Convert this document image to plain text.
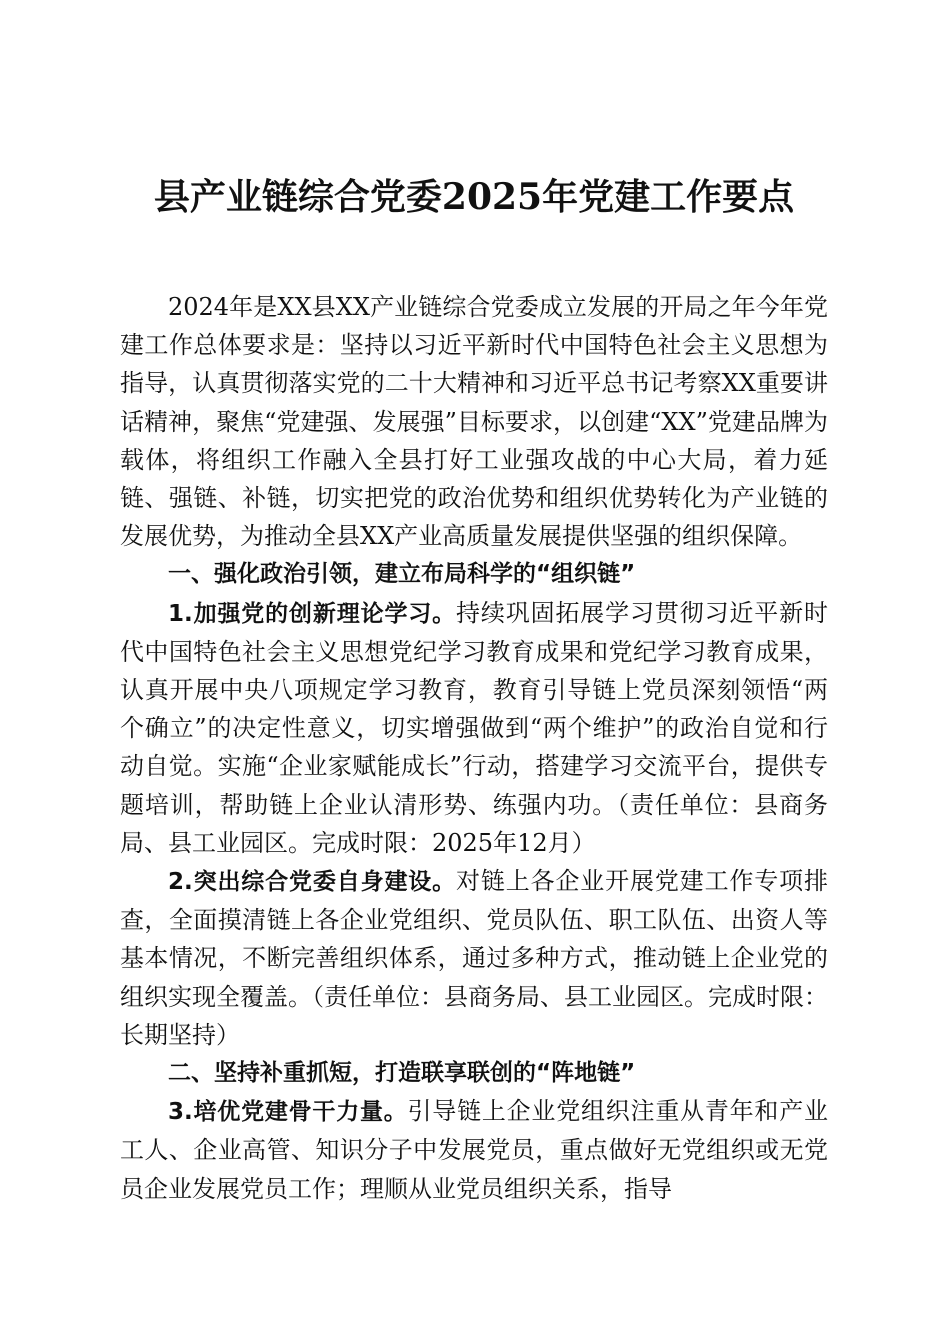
县产业链综合党委2025年党建工作要点

2024年是XX县XX产业链综合党委成立发展的开局之年今年党建工作总体要求是：坚持以习近平新时代中国特色社会主义思想为指导，认真贯彻落实党的二十大精神和习近平总书记考察XX重要讲话精神，聚焦“党建强、发展强”目标要求，以创建“XX”党建品牌为载体，将组织工作融入全县打好工业强攻战的中心大局，着力延链、强链、补链，切实把党的政治优势和组织优势转化为产业链的发展优势，为推动全县XX产业高质量发展提供坚强的组织保障。

一、强化政治引领，建立布局科学的“组织链”

1.加强党的创新理论学习。持续巩固拓展学习贯彻习近平新时代中国特色社会主义思想党纪学习教育成果和党纪学习教育成果，认真开展中央八项规定学习教育，教育引导链上党员深刻领悟“两个确立”的决定性意义，切实增强做到“两个维护”的政治自觉和行动自觉。实施“企业家赋能成长”行动，搭建学习交流平台，提供专题培训，帮助链上企业认清形势、练强内功。（责任单位：县商务局、县工业园区。完成时限：2025年12月）

2.突出综合党委自身建设。对链上各企业开展党建工作专项排查，全面摸清链上各企业党组织、党员队伍、职工队伍、出资人等基本情况，不断完善组织体系，通过多种方式，推动链上企业党的组织实现全覆盖。（责任单位：县商务局、县工业园区。完成时限：长期坚持）

二、坚持补重抓短，打造联享联创的“阵地链”

3.培优党建骨干力量。引导链上企业党组织注重从青年和产业工人、企业高管、知识分子中发展党员，重点做好无党组织或无党员企业发展党员工作；理顺从业党员组织关系，指导
